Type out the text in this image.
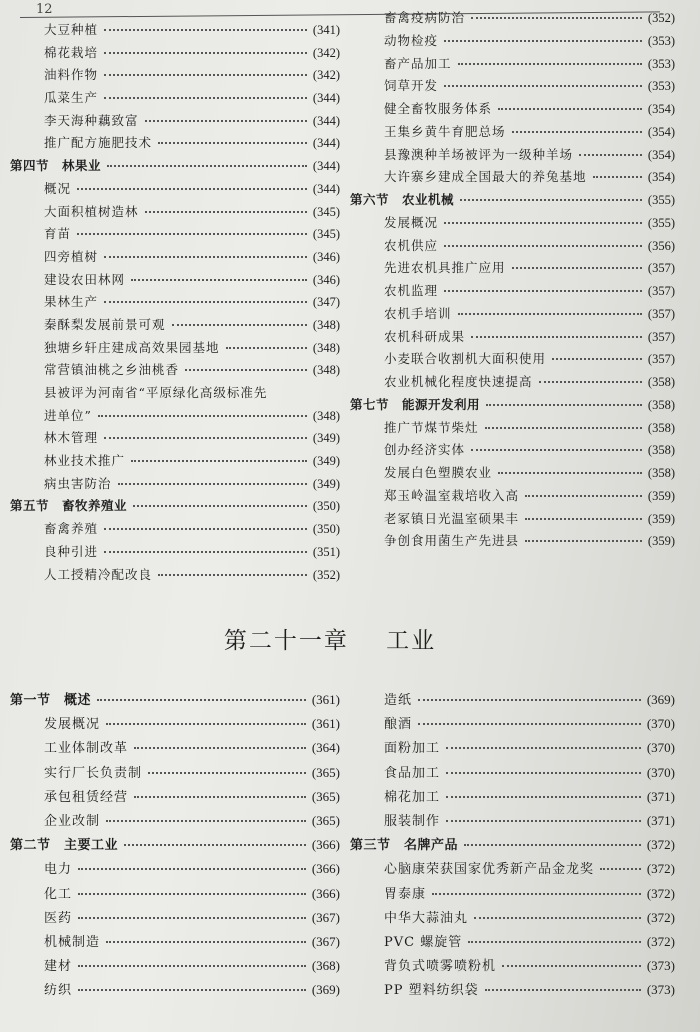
12
大豆种植	(341)
棉花栽培	(342)
油料作物	(342)
瓜菜生产	(344)
李天海种藕致富	(344)
推广配方施肥技术	(344)
第四节　林果业	(344)
概况	(344)
大面积植树造林	(345)
育苗	(345)
四旁植树	(346)
建设农田林网	(346)
果林生产	(347)
秦酥梨发展前景可观	(348)
独塘乡轩庄建成高效果园基地	(348)
常营镇油桃之乡油桃香	(348)
县被评为河南省“平原绿化高级标准先
进单位”	(348)
林木管理	(349)
林业技术推广	(349)
病虫害防治	(349)
第五节　畜牧养殖业	(350)
畜禽养殖	(350)
良种引进	(351)
人工授精冷配改良	(352)
畜禽疫病防治	(352)
动物检疫	(353)
畜产品加工	(353)
饲草开发	(353)
健全畜牧服务体系	(354)
王集乡黄牛育肥总场	(354)
县豫澳种羊场被评为一级种羊场	(354)
大许寨乡建成全国最大的养兔基地	(354)
第六节　农业机械	(355)
发展概况	(355)
农机供应	(356)
先进农机具推广应用	(357)
农机监理	(357)
农机手培训	(357)
农机科研成果	(357)
小麦联合收割机大面积使用	(357)
农业机械化程度快速提高	(358)
第七节　能源开发利用	(358)
推广节煤节柴灶	(358)
创办经济实体	(358)
发展白色塑膜农业	(358)
郑玉岭温室栽培收入高	(359)
老冢镇日光温室硕果丰	(359)
争创食用菌生产先进县	(359)
第二十一章 工业
第一节　概述	(361)
发展概况	(361)
工业体制改革	(364)
实行厂长负责制	(365)
承包租赁经营	(365)
企业改制	(365)
第二节　主要工业	(366)
电力	(366)
化工	(366)
医药	(367)
机械制造	(367)
建材	(368)
纺织	(369)
造纸	(369)
酿酒	(370)
面粉加工	(370)
食品加工	(370)
棉花加工	(371)
服装制作	(371)
第三节　名牌产品	(372)
心脑康荣获国家优秀新产品金龙奖	(372)
胃泰康	(372)
中华大蒜油丸	(372)
PVC 螺旋管	(372)
背负式喷雾喷粉机	(373)
PP 塑料纺织袋	(373)
